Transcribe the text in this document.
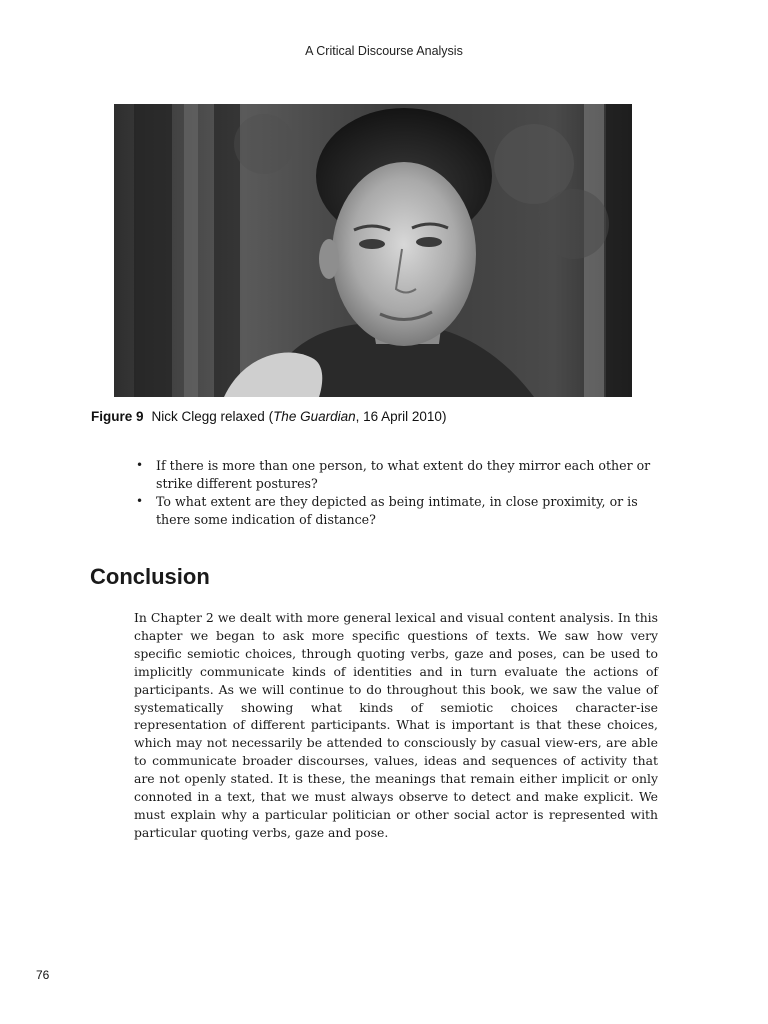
A Critical Discourse Analysis
Figure 9 Nick Clegg relaxed (The Guardian, 16 April 2010)
• If there is more than one person, to what extent do they mirror each other or strike different postures?
• To what extent are they depicted as being intimate, in close proximity, or is there some indication of distance?
Conclusion

In Chapter 2 we dealt with more general lexical and visual content analysis. In this chapter we began to ask more specific questions of texts. We saw how very specific semiotic choices, through quoting verbs, gaze and poses, can be used to implicitly communicate kinds of identities and in turn evaluate the actions of participants. As we will continue to do throughout this book, we saw the value of systematically showing what kinds of semiotic choices character-ise representation of different participants. What is important is that these choices, which may not necessarily be attended to consciously by casual view-ers, are able to communicate broader discourses, values, ideas and sequences of activity that are not openly stated. It is these, the meanings that remain either implicit or only connoted in a text, that we must always observe to detect and make explicit. We must explain why a particular politician or other social actor is represented with particular quoting verbs, gaze and pose.

76
